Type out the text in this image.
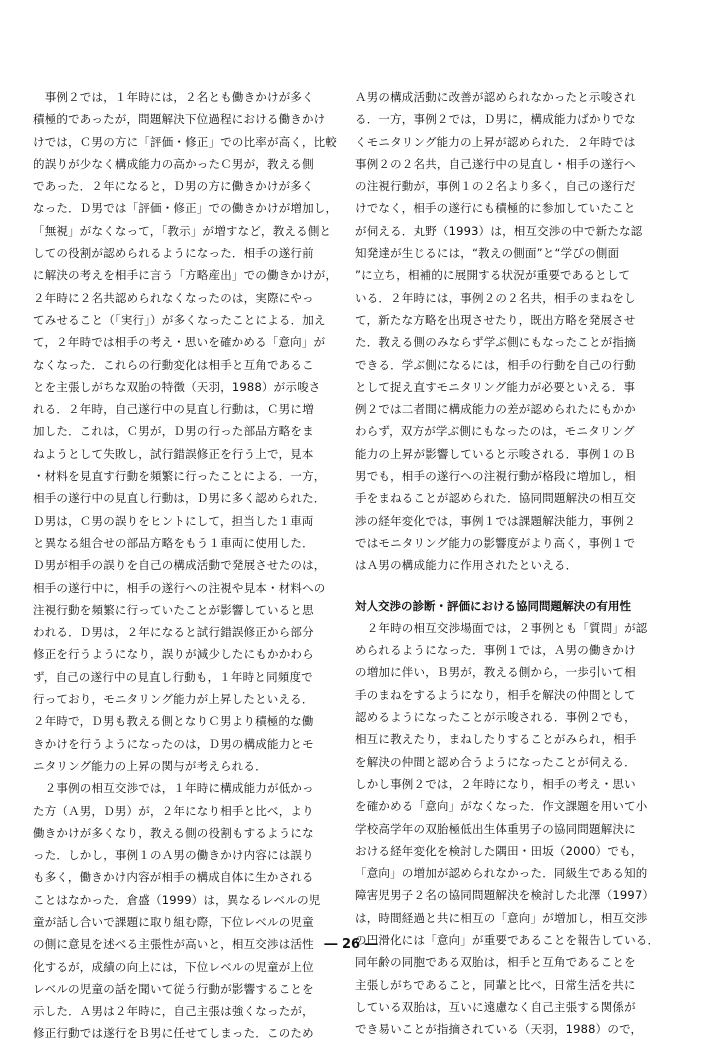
　事例２では，１年時には，２名とも働きかけが多く
積極的であったが，問題解決下位過程における働きかけ
けでは，Ｃ男の方に「評価・修正」での比率が高く，比較
的誤りが少なく構成能力の高かったＣ男が，教える側
であった．２年になると，Ｄ男の方に働きかけが多く
なった．Ｄ男では「評価・修正」での働きかけが増加し，
「無視」がなくなって，「教示」が増すなど，教える側と
しての役割が認められるようになった．相手の遂行前
に解決の考えを相手に言う「方略産出」での働きかけが，
２年時に２名共認められなくなったのは，実際にやっ
てみせること（「実行」）が多くなったことによる．加え
て，２年時では相手の考え・思いを確かめる「意向」が
なくなった．これらの行動変化は相手と互角であるこ
とを主張しがちな双胎の特徴（天羽，1988）が示唆さ
れる．２年時，自己遂行中の見直し行動は，Ｃ男に増
加した．これは，Ｃ男が，Ｄ男の行った部品方略をま
ねようとして失敗し，試行錯誤修正を行う上で，見本
・材料を見直す行動を頻繁に行ったことによる．一方，
相手の遂行中の見直し行動は，Ｄ男に多く認められた．
Ｄ男は，Ｃ男の誤りをヒントにして，担当した１車両
と異なる組合せの部品方略をもう１車両に使用した．
Ｄ男が相手の誤りを自己の構成活動で発展させたのは，
相手の遂行中に，相手の遂行への注視や見本・材料への
注視行動を頻繁に行っていたことが影響していると思
われる．Ｄ男は，２年になると試行錯誤修正から部分
修正を行うようになり，誤りが減少したにもかかわら
ず，自己の遂行中の見直し行動も，１年時と同頻度で
行っており，モニタリング能力が上昇したといえる．
２年時で，Ｄ男も教える側となりＣ男より積極的な働
きかけを行うようになったのは，Ｄ男の構成能力とモ
ニタリング能力の上昇の関与が考えられる．
　２事例の相互交渉では，１年時に構成能力が低かっ
た方（Ａ男，Ｄ男）が，２年になり相手と比べ，より
働きかけが多くなり，教える側の役割もするようにな
った．しかし，事例１のＡ男の働きかけ内容には誤り
も多く，働きかけ内容が相手の構成自体に生かされる
ことはなかった．倉盛（1999）は，異なるレベルの児
童が話し合いで課題に取り組む際，下位レベルの児童
の側に意見を述べる主張性が高いと，相互交渉は活性
化するが，成績の向上には，下位レベルの児童が上位
レベルの児童の話を聞いて従う行動が影響することを
示した．Ａ男は２年時に，自己主張は強くなったが，
修正行動では遂行をＢ男に任せてしまった．このため
Ａ男の構成活動に改善が認められなかったと示唆され
る．一方，事例２では，Ｄ男に，構成能力ばかりでな
くモニタリング能力の上昇が認められた．２年時では
事例２の２名共，自己遂行中の見直し・相手の遂行へ
の注視行動が，事例１の２名より多く，自己の遂行だ
けでなく，相手の遂行にも積極的に参加していたこと
が伺える．丸野（1993）は，相互交渉の中で新たな認
知発達が生じるには，“教えの側面”と“学びの側面
”に立ち，相補的に展開する状況が重要であるとして
いる．２年時には，事例２の２名共，相手のまねをし
て，新たな方略を出現させたり，既出方略を発展させ
た．教える側のみならず学ぶ側にもなったことが指摘
できる．学ぶ側になるには，相手の行動を自己の行動
として捉え直すモニタリング能力が必要といえる．事
例２では二者間に構成能力の差が認められたにもかか
わらず，双方が学ぶ側にもなったのは，モニタリング
能力の上昇が影響していると示唆される．事例１のＢ
男でも，相手の遂行への注視行動が格段に増加し，相
手をまねることが認められた．協同問題解決の相互交
渉の経年変化では，事例１では課題解決能力，事例２
ではモニタリング能力の影響度がより高く，事例１で
はＡ男の構成能力に作用されたといえる．
対人交渉の診断・評価における協同問題解決の有用性
　２年時の相互交渉場面では，２事例とも「質問」が認
められるようになった．事例１では，Ａ男の働きかけ
の増加に伴い，Ｂ男が，教える側から，一歩引いて相
手のまねをするようになり，相手を解決の仲間として
認めるようになったことが示唆される．事例２でも，
相互に教えたり，まねしたりすることがみられ，相手
を解決の仲間と認め合うようになったことが伺える．
しかし事例２では，２年時になり，相手の考え・思い
を確かめる「意向」がなくなった．作文課題を用いて小
学校高学年の双胎極低出生体重男子の協同問題解決に
おける経年変化を検討した隅田・田坂（2000）でも，
「意向」の増加が認められなかった．同級生である知的
障害児男子２名の協同問題解決を検討した北澤（1997）
は，時間経過と共に相互の「意向」が増加し，相互交渉
の円滑化には「意向」が重要であることを報告している．
同年齢の同胞である双胎は，相手と互角であることを
主張しがちであること，同輩と比べ，日常生活を共に
している双胎は，互いに遠慮なく自己主張する関係が
でき易いことが指摘されている（天羽，1988）ので，
― 26 ―
